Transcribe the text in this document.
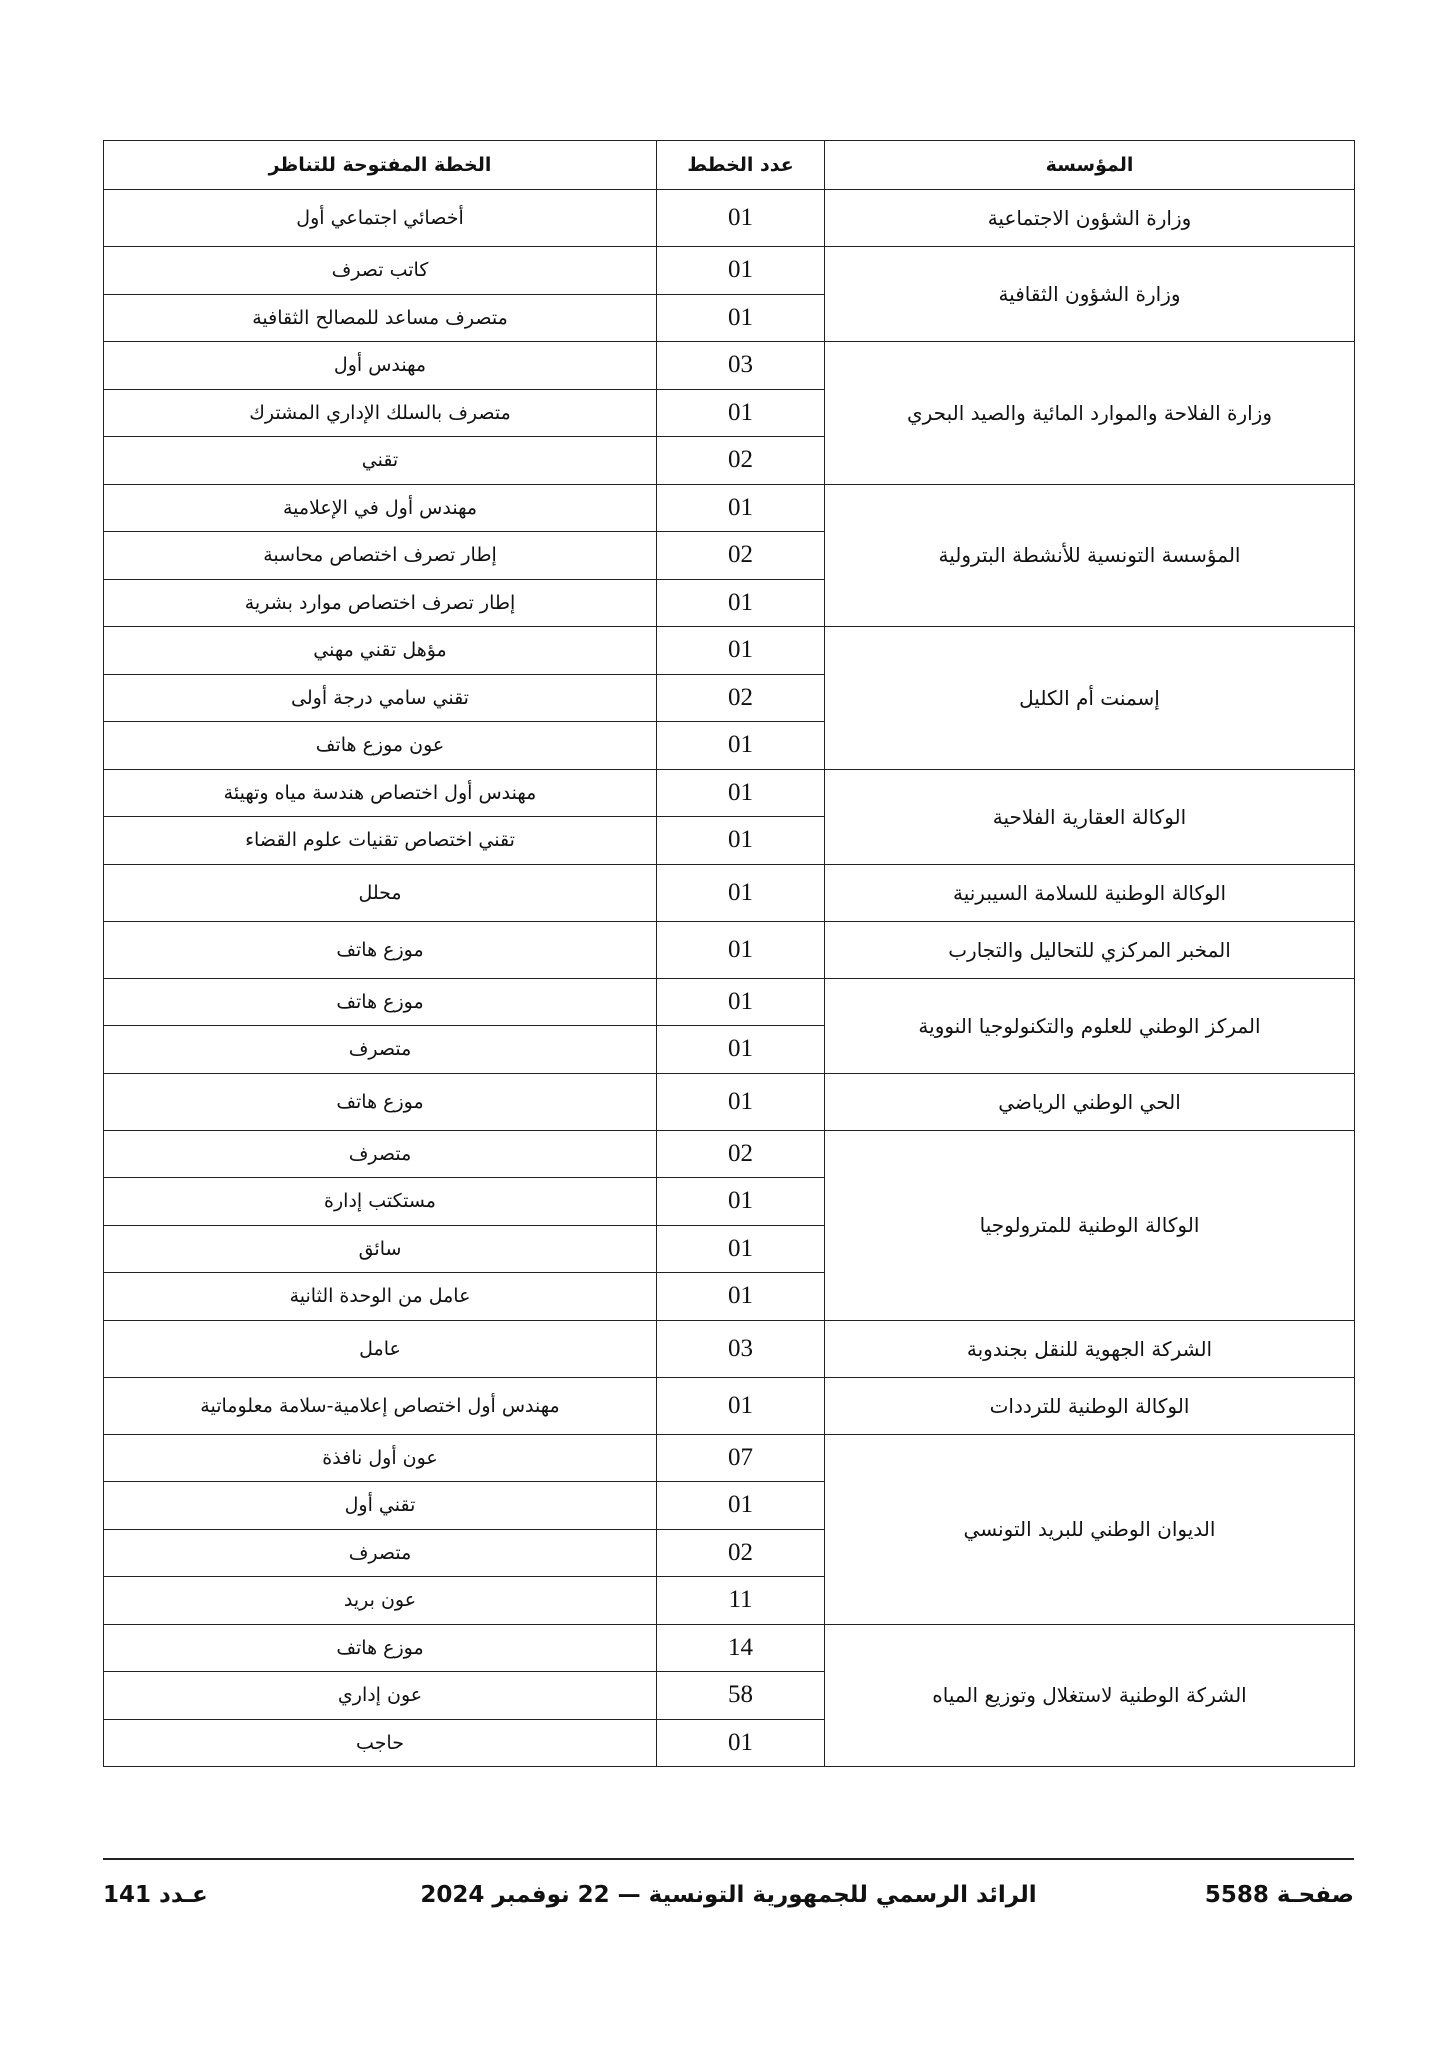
المؤسسة	عدد الخطط	الخطة المفتوحة للتناظر
وزارة الشؤون الاجتماعية	01	أخصائي اجتماعي أول
وزارة الشؤون الثقافية	01	كاتب تصرف
	01	متصرف مساعد للمصالح الثقافية
وزارة الفلاحة والموارد المائية والصيد البحري	03	مهندس أول
	01	متصرف بالسلك الإداري المشترك
	02	تقني
المؤسسة التونسية للأنشطة البترولية	01	مهندس أول في الإعلامية
	02	إطار تصرف اختصاص محاسبة
	01	إطار تصرف اختصاص موارد بشرية
إسمنت أم الكليل	01	مؤهل تقني مهني
	02	تقني سامي درجة أولى
	01	عون موزع هاتف
الوكالة العقارية الفلاحية	01	مهندس أول اختصاص هندسة مياه وتهيئة
	01	تقني اختصاص تقنيات علوم القضاء
الوكالة الوطنية للسلامة السيبرنية	01	محلل
المخبر المركزي للتحاليل والتجارب	01	موزع هاتف
المركز الوطني للعلوم والتكنولوجيا النووية	01	موزع هاتف
	01	متصرف
الحي الوطني الرياضي	01	موزع هاتف
الوكالة الوطنية للمترولوجيا	02	متصرف
	01	مستكتب إدارة
	01	سائق
	01	عامل من الوحدة الثانية
الشركة الجهوية للنقل بجندوبة	03	عامل
الوكالة الوطنية للترددات	01	مهندس أول اختصاص إعلامية-سلامة معلوماتية
الديوان الوطني للبريد التونسي	07	عون أول نافذة
	01	تقني أول
	02	متصرف
	11	عون بريد
الشركة الوطنية لاستغلال وتوزيع المياه	14	موزع هاتف
	58	عون إداري
	01	حاجب
صفحـة 5588
الرائد الرسمي للجمهورية التونسية — 22 نوفمبر 2024
عـدد 141
